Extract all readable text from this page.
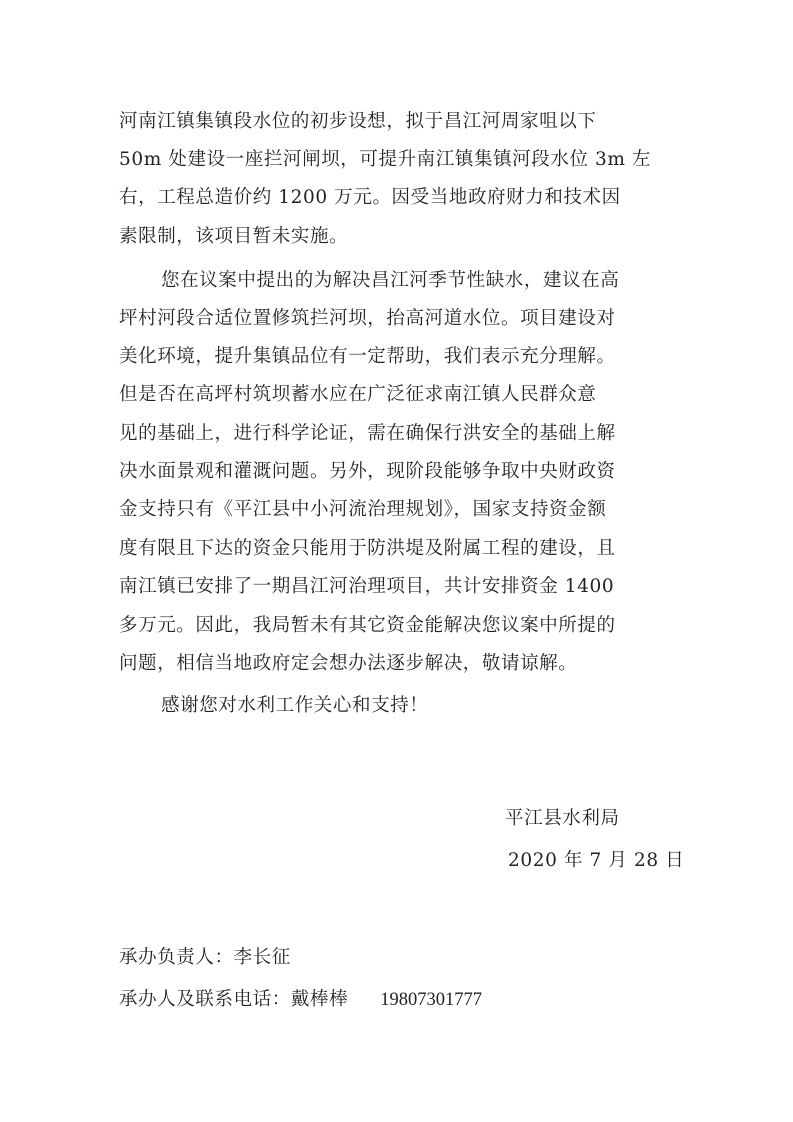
河南江镇集镇段水位的初步设想，拟于昌江河周家咀以下
50m 处建设一座拦河闸坝，可提升南江镇集镇河段水位 3m 左
右，工程总造价约 1200 万元。因受当地政府财力和技术因
素限制，该项目暂未实施。
您在议案中提出的为解决昌江河季节性缺水，建议在高
坪村河段合适位置修筑拦河坝，抬高河道水位。项目建设对
美化环境，提升集镇品位有一定帮助，我们表示充分理解。
但是否在高坪村筑坝蓄水应在广泛征求南江镇人民群众意
见的基础上，进行科学论证，需在确保行洪安全的基础上解
决水面景观和灌溉问题。另外，现阶段能够争取中央财政资
金支持只有《平江县中小河流治理规划》，国家支持资金额
度有限且下达的资金只能用于防洪堤及附属工程的建设，且
南江镇已安排了一期昌江河治理项目，共计安排资金 1400
多万元。因此，我局暂未有其它资金能解决您议案中所提的
问题，相信当地政府定会想办法逐步解决，敬请谅解。
感谢您对水利工作关心和支持！
平江县水利局
2020 年 7 月 28 日
承办负责人：李长征
承办人及联系电话：戴棒棒 19807301777
